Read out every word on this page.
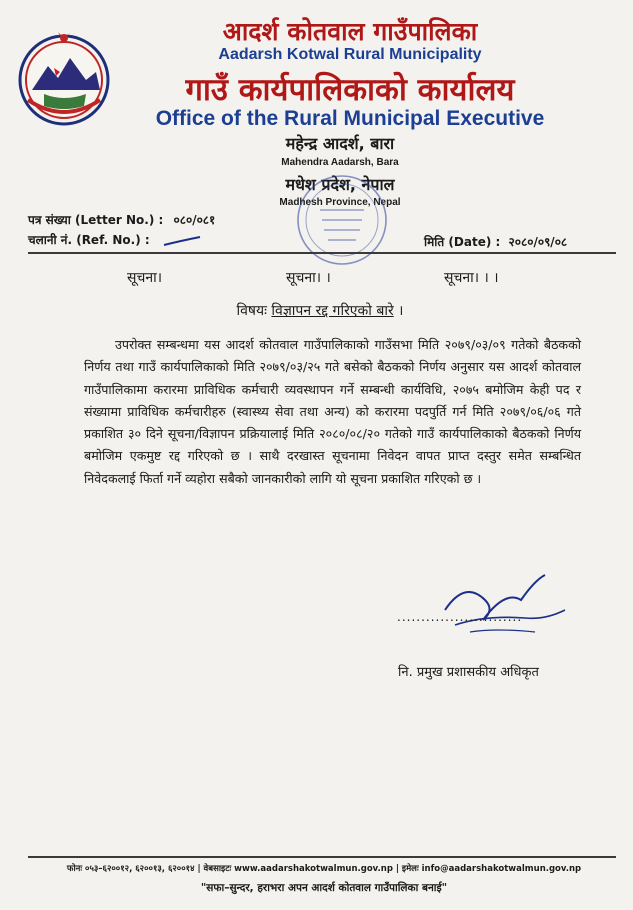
आदर्श कोतवाल गाउँपालिका
Aadarsh Kotwal Rural Municipality
गाउँ कार्यपालिकाको कार्यालय
Office of the Rural Municipal Executive
महेन्द्र आदर्श, बारा
Mahendra Aadarsh, Bara
मधेश प्रदेश, नेपाल
Madhesh Province, Nepal
पत्र संख्या (Letter No.) : ०८०/०८१
चलानी नं. (Ref. No.) :	मिति (Date) : २०८०/०९/०८
सूचना।	सूचना। ।	सूचना। । ।
विषयः विज्ञापन रद्द गरिएको बारे ।

उपरोक्त सम्बन्धमा यस आदर्श कोतवाल गाउँपालिकाको गाउँसभा मिति २०७९/०३/०९ गतेको बैठकको निर्णय तथा गाउँ कार्यपालिकाको मिति २०७९/०३/२५ गते बसेको बैठकको निर्णय अनुसार यस आदर्श कोतवाल गाउँपालिकामा करारमा प्राविधिक कर्मचारी व्यवस्थापन गर्ने सम्बन्धी कार्यविधि, २०७५ बमोजिम केही पद र संख्यामा प्राविधिक कर्मचारीहरु (स्वास्थ्य सेवा तथा अन्य) को करारमा पदपुर्ति गर्न मिति २०७९/०६/०६ गते प्रकाशित ३० दिने सूचना/विज्ञापन प्रक्रियालाई मिति २०८०/०८/२० गतेको गाउँ कार्यपालिकाको बैठकको निर्णय बमोजिम एकमुष्ट रद्द गरिएको छ । साथै दरखास्त सूचनामा निवेदन वापत प्राप्त दस्तुर समेत सम्बन्धित निवेदकलाई फिर्ता गर्ने व्यहोरा सबैको जानकारीको लागि यो सूचना प्रकाशित गरिएको छ ।

..........................
नि. प्रमुख प्रशासकीय अधिकृत
फोनः ०५३–६२००१२, ६२००१३, ६२००१४ | वेबसाइटः www.aadarshakotwalmun.gov.np | इमेलः info@aadarshakotwalmun.gov.np
"सफा–सुन्दर, हराभरा अपन आदर्श कोतवाल गाउँपालिका बनाई"
